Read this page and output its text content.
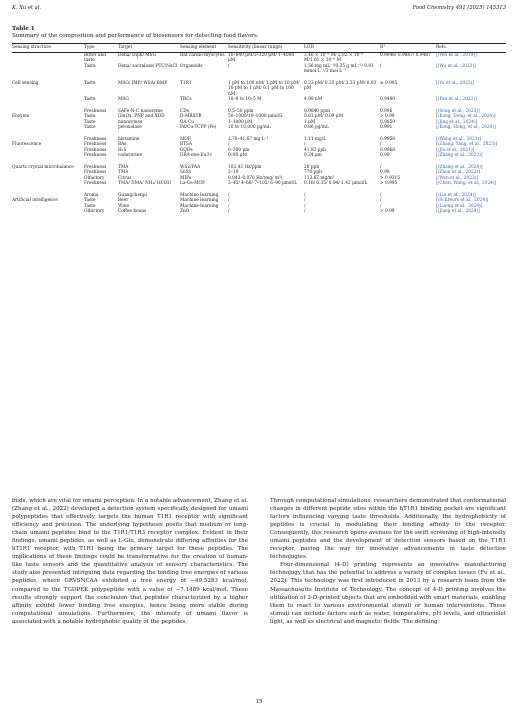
K. Xu et al.	Food Chemistry 491 (2025) 145313
Table 1
Summary of the composition and performance of biosensors for detecting food flavors.
Sensing structure	Type	Target	Sensing element	Sensitivity (linear range)	LOD	R²	Refs.
	Bitter and taste	Dena/ Diph/ MSG	Rat cardio-myocytes	10–640 μM/5–320 μM/ 1–4000 μM	3.46 × 10⁻⁶ M/ 2.92 × 10⁻⁶ M/1.61 × 10⁻⁶ M	0.9846/ 0.9887/ 0.9487	[(Wei et al., 2019)]
	Taste	Dena/ sucralose/ PTC/NaCl	Organoids	/	1.56 mg mL⁻¹/0.25 g mL⁻¹/ 0.01 mmol L⁻¹/3 mol L⁻¹	/	[(Wu et al., 2023)]
Cell sensing	Taste	MSG/ IMP/ WSA/ BMP	T1R1	1 pM to 100 nM/ 1 pM to 10 μM/ 10 pM to 1 μM/ 0.1 pM to 100 nM	0.33 pM/ 0.33 pM/ 3.33 pM/ 0.03 pM	≥ 0.995	[(Yu et al., 2023)]
	Taste	MSG	TRCs	10–9 to 10–5 M	4.99 nM	0.9480	[(Fan et al., 2023)]
	Freshness	SAFe-N-C nanozyme	CDs	0.5–50 ppm	0.9840 ppm	0.996	[(Song et al., 2023)]
Enzyme	Taste	GluOx, PNP and XOD	D-MRSTB	50–1000/10–1000 μmol/L	0.61 μM/ 0.09 μM	> 0.99	[(Kong, Dong, et al., 2024)]
	Taste	nanozymes	GA-Cu	1–1000 μM	1 μM	0.9859	[(Jing et al., 2024)]
	Taste	peroxidase	Pd/Cu-TCPP (Fe)	10 to 10,000 pg/mL	0.86 pg/mL	0.991	[(Kong, Hong, et al., 2024)]
	Freshness	histamine	MOF	2.78–41.67 mg L⁻¹	1.11 mg/L	0.9958	[(Wang et al., 2021)]
Fluorescence	Freshness	BAs	BTSA	/	/	/	[(Zhang, Yang, et al., 2023)]
	Freshness	H₂S	GQDs	0–300 μm	41.82 ppb	0.9968	[(Jia et al., 2021)]
	Freshness	cadaverine	DBA-ene-Eu3+	0–80 μM	0.34 μm	0.98	[(Zhang et al., 2022)]
Quartz crystal microbalance	Freshness	TMA	WS2/PAA	102.43 Hz/ppm	20 ppb	/	[(Zhang et al., 2024)]
	Freshness	TMA	SnSx	2–10	770 ppb	0.98	[(Zhou et al., 2022)]
	Olfactory	Citrus	MIPs	0.043–0.070 Hz/(mg/ m³)	113.67 mg/m³	> 0.9315	[(Wen et al., 2023)]
	Freshness	TMA/ DMA/ NH₃/ HCHO	La-Ce-MOF	3–45/ 4–60/ 7–105/ 6–90 μmol/L	0.16/ 0.35/ 0.94/ 1.42 μmol/L	> 0.995	[(Chen, Wang, et al., 2024)]
	Aroma	Guangchenpi	Machine learning	/	/	/	[(Liu et al., 2024)]
Artificial intelligence	Taste	Beer	Machine learning	/	/	/	[(Schreurs et al., 2024)]
	Taste	Wine	Machine-learning	/	/	/	[(Luong et al., 2024)]
	Olfactory	Coffee beans	ZnO	/	/	> 0.99	[(Jiang et al., 2024)]

buds, which are vital for umami perception. In a notable advancement, Zhang et al. (Zhang et al., 2022) developed a detection system specifically designed for umami polypeptides that effectively targets the human T1R1 receptor with significant efficiency and precision. The underlying hypothesis posits that medium or long-chain umami peptides bind to the T1R1/T1R3 receptor complex. Evident in their findings, umami peptides, as well as L-Glu, demonstrate differing affinities for the hT1R1 receptor, with T1R1 being the primary target for these peptides. The implications of these findings could be transformative for the creation of human-like taste sensors and the quantitative analysis of sensory characteristics. The study also presented intriguing data regarding the binding free energies of various peptides, where GRVSNCAA exhibited a free energy of −49.5283 kcal/mol, compared to the TGDPEK polypeptide with a value of −7.1489 kcal/mol. These results strongly support the conclusion that peptides characterized by a higher affinity exhibit lower binding free energies, hence being more stable during computational simulations. Furthermore, the intensity of umami flavor is associated with a notable hydrophobic quality of the peptides.

Through computational simulations, researchers demonstrated that conformational changes in different peptide sites within the hT1R1 binding pocket are significant factors influencing varying taste thresholds. Additionally, the hydrophobicity of peptides is crucial in modulating their binding affinity to the receptor. Consequently, this research opens avenues for the swift screening of high-intensity umami peptides and the development of detection sensors based on the T1R1 receptor, paving the way for innovative advancements in taste detection technologies.

Four-dimensional (4-D) printing represents an innovative manufacturing technology that has the potential to address a variety of complex issues (Fu et al., 2022). This technology was first introduced in 2013 by a research team from the Massachusetts Institute of Technology. The concept of 4-D printing involves the utilization of 3-D-printed objects that are embedded with smart materials, enabling them to react to various environmental stimuli or human interventions. These stimuli can include factors such as water, temperature, pH levels, and ultraviolet light, as well as electrical and magnetic fields. The defining

15
